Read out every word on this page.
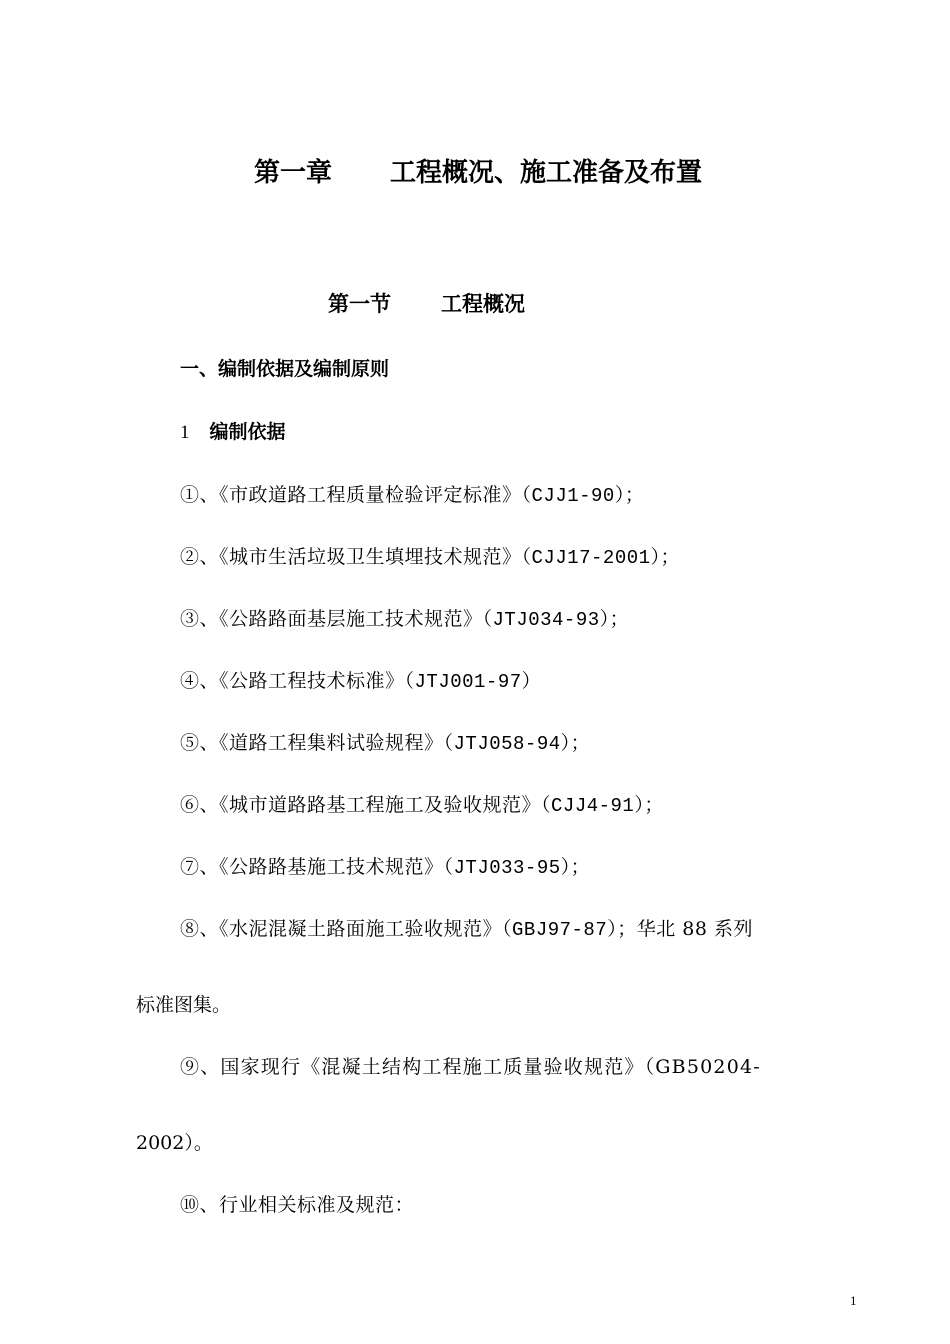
第一章 工程概况、施工准备及布置
第一节 工程概况
一、编制依据及编制原则
1 编制依据
①、《市政道路工程质量检验评定标准》（CJJ1-90）；
②、《城市生活垃圾卫生填埋技术规范》（CJJ17-2001）；
③、《公路路面基层施工技术规范》（JTJ034-93）；
④、《公路工程技术标准》（JTJ001-97）
⑤、《道路工程集料试验规程》（JTJ058-94）；
⑥、《城市道路路基工程施工及验收规范》（CJJ4-91）；
⑦、《公路路基施工技术规范》（JTJ033-95）；
⑧、《水泥混凝土路面施工验收规范》（GBJ97-87）；华北 88 系列
标准图集。
⑨、国家现行《混凝土结构工程施工质量验收规范》（GB50204-
2002）。
⑩、行业相关标准及规范：
1
